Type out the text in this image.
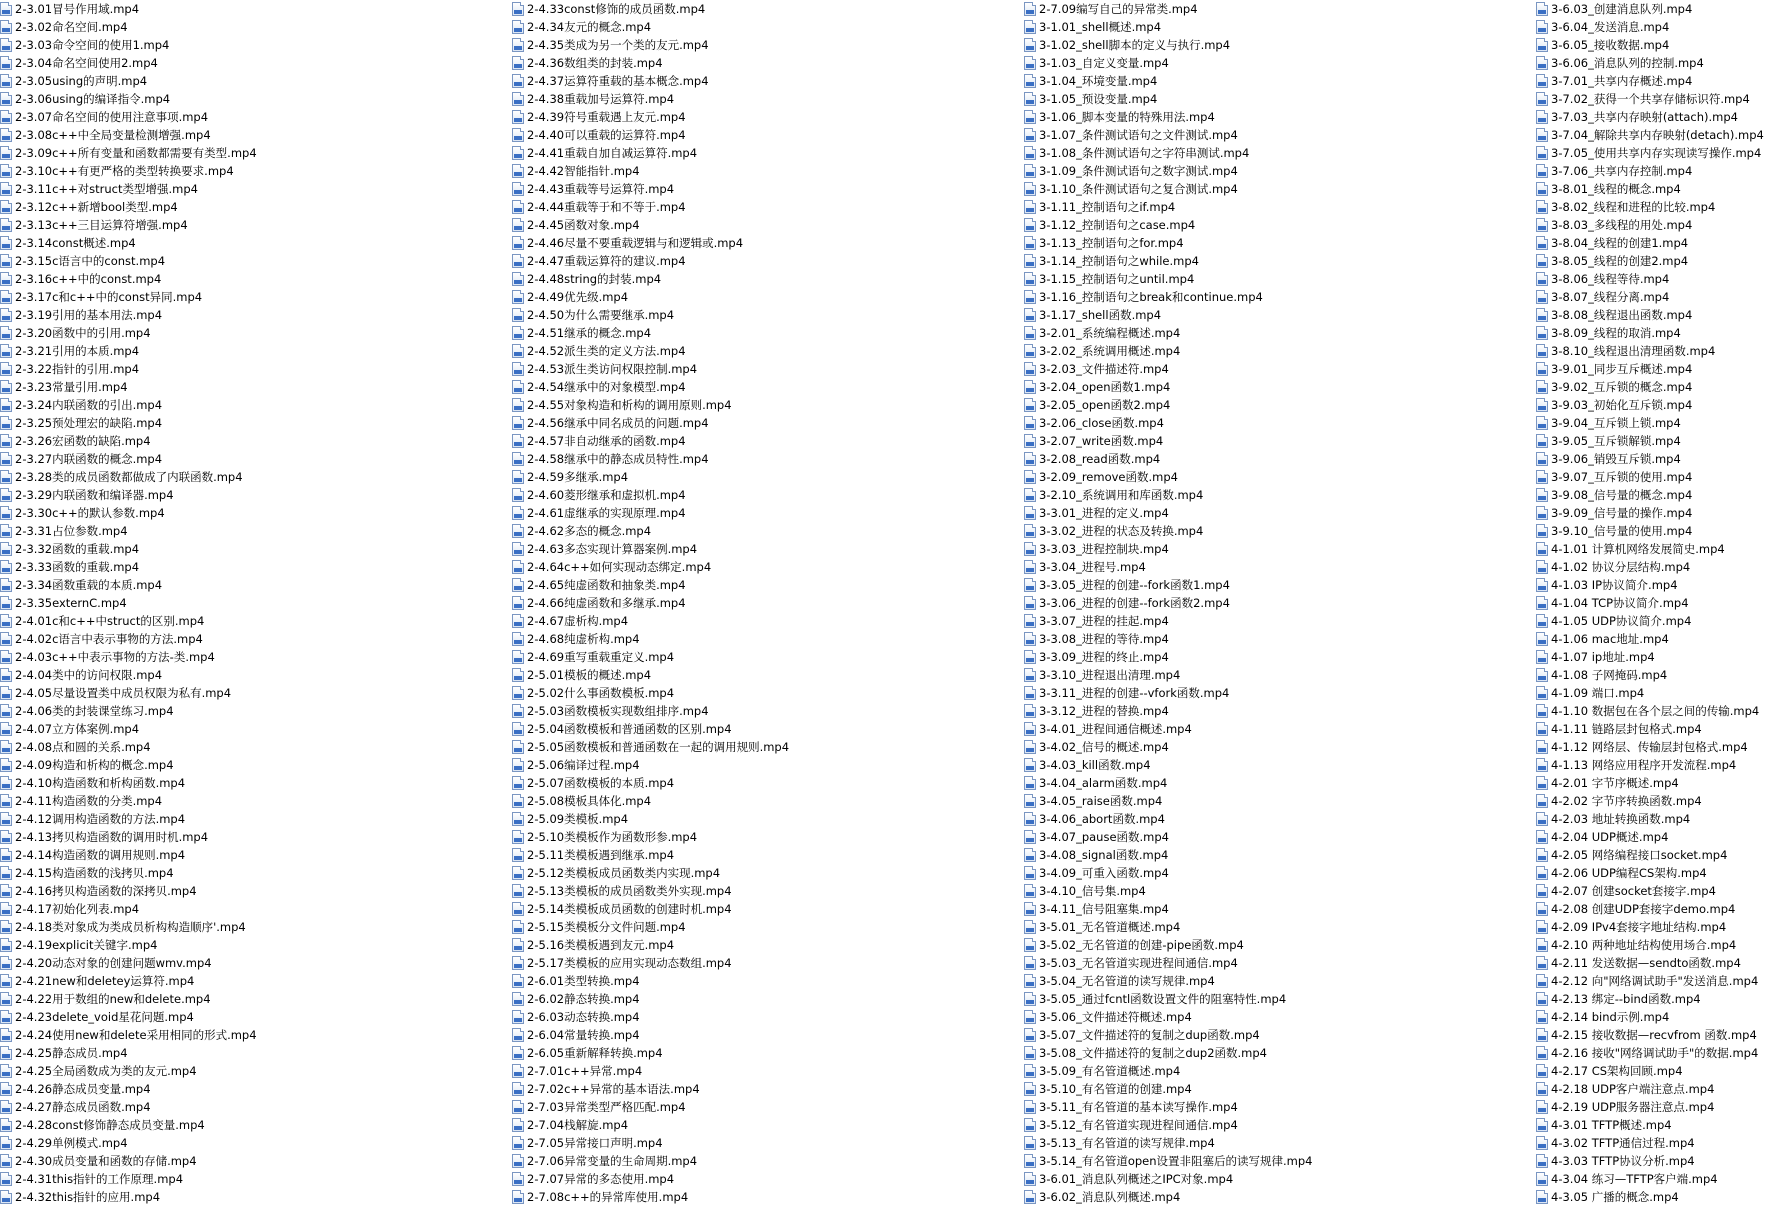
2-3.01冒号作用域.mp4
2-3.02命名空间.mp4
2-3.03命令空间的使用1.mp4
2-3.04命名空间使用2.mp4
2-3.05using的声明.mp4
2-3.06using的编译指令.mp4
2-3.07命名空间的使用注意事项.mp4
2-3.08c++中全局变量检测增强.mp4
2-3.09c++所有变量和函数都需要有类型.mp4
2-3.10c++有更严格的类型转换要求.mp4
2-3.11c++对struct类型增强.mp4
2-3.12c++新增bool类型.mp4
2-3.13c++三目运算符增强.mp4
2-3.14const概述.mp4
2-3.15c语言中的const.mp4
2-3.16c++中的const.mp4
2-3.17c和c++中的const异同.mp4
2-3.19引用的基本用法.mp4
2-3.20函数中的引用.mp4
2-3.21引用的本质.mp4
2-3.22指针的引用.mp4
2-3.23常量引用.mp4
2-3.24内联函数的引出.mp4
2-3.25预处理宏的缺陷.mp4
2-3.26宏函数的缺陷.mp4
2-3.27内联函数的概念.mp4
2-3.28类的成员函数都做成了内联函数.mp4
2-3.29内联函数和编译器.mp4
2-3.30c++的默认参数.mp4
2-3.31占位参数.mp4
2-3.32函数的重载.mp4
2-3.33函数的重载.mp4
2-3.34函数重载的本质.mp4
2-3.35externC.mp4
2-4.01c和c++中struct的区别.mp4
2-4.02c语言中表示事物的方法.mp4
2-4.03c++中表示事物的方法-类.mp4
2-4.04类中的访问权限.mp4
2-4.05尽量设置类中成员权限为私有.mp4
2-4.06类的封装课堂练习.mp4
2-4.07立方体案例.mp4
2-4.08点和圆的关系.mp4
2-4.09构造和析构的概念.mp4
2-4.10构造函数和析构函数.mp4
2-4.11构造函数的分类.mp4
2-4.12调用构造函数的方法.mp4
2-4.13拷贝构造函数的调用时机.mp4
2-4.14构造函数的调用规则.mp4
2-4.15构造函数的浅拷贝.mp4
2-4.16拷贝构造函数的深拷贝.mp4
2-4.17初始化列表.mp4
2-4.18类对象成为类成员析构构造顺序'.mp4
2-4.19explicit关键字.mp4
2-4.20动态对象的创建问题wmv.mp4
2-4.21new和deletey运算符.mp4
2-4.22用于数组的new和delete.mp4
2-4.23delete_void星花问题.mp4
2-4.24使用new和delete采用相同的形式.mp4
2-4.25静态成员.mp4
2-4.25全局函数成为类的友元.mp4
2-4.26静态成员变量.mp4
2-4.27静态成员函数.mp4
2-4.28const修饰静态成员变量.mp4
2-4.29单例模式.mp4
2-4.30成员变量和函数的存储.mp4
2-4.31this指针的工作原理.mp4
2-4.32this指针的应用.mp4
2-4.33const修饰的成员函数.mp4
2-4.34友元的概念.mp4
2-4.35类成为另一个类的友元.mp4
2-4.36数组类的封装.mp4
2-4.37运算符重载的基本概念.mp4
2-4.38重载加号运算符.mp4
2-4.39符号重载遇上友元.mp4
2-4.40可以重载的运算符.mp4
2-4.41重载自加自减运算符.mp4
2-4.42智能指针.mp4
2-4.43重载等号运算符.mp4
2-4.44重载等于和不等于.mp4
2-4.45函数对象.mp4
2-4.46尽量不要重载逻辑与和逻辑或.mp4
2-4.47重载运算符的建议.mp4
2-4.48string的封装.mp4
2-4.49优先级.mp4
2-4.50为什么需要继承.mp4
2-4.51继承的概念.mp4
2-4.52派生类的定义方法.mp4
2-4.53派生类访问权限控制.mp4
2-4.54继承中的对象模型.mp4
2-4.55对象构造和析构的调用原则.mp4
2-4.56继承中同名成员的问题.mp4
2-4.57非自动继承的函数.mp4
2-4.58继承中的静态成员特性.mp4
2-4.59多继承.mp4
2-4.60菱形继承和虚拟机.mp4
2-4.61虚继承的实现原理.mp4
2-4.62多态的概念.mp4
2-4.63多态实现计算器案例.mp4
2-4.64c++如何实现动态绑定.mp4
2-4.65纯虚函数和抽象类.mp4
2-4.66纯虚函数和多继承.mp4
2-4.67虚析构.mp4
2-4.68纯虚析构.mp4
2-4.69重写重载重定义.mp4
2-5.01模板的概述.mp4
2-5.02什么事函数模板.mp4
2-5.03函数模板实现数组排序.mp4
2-5.04函数模板和普通函数的区别.mp4
2-5.05函数模板和普通函数在一起的调用规则.mp4
2-5.06编译过程.mp4
2-5.07函数模板的本质.mp4
2-5.08模板具体化.mp4
2-5.09类模板.mp4
2-5.10类模板作为函数形参.mp4
2-5.11类模板遇到继承.mp4
2-5.12类模板成员函数类内实现.mp4
2-5.13类模板的成员函数类外实现.mp4
2-5.14类模板成员函数的创建时机.mp4
2-5.15类模板分文件问题.mp4
2-5.16类模板遇到友元.mp4
2-5.17类模板的应用实现动态数组.mp4
2-6.01类型转换.mp4
2-6.02静态转换.mp4
2-6.03动态转换.mp4
2-6.04常量转换.mp4
2-6.05重新解释转换.mp4
2-7.01c++异常.mp4
2-7.02c++异常的基本语法.mp4
2-7.03异常类型严格匹配.mp4
2-7.04栈解旋.mp4
2-7.05异常接口声明.mp4
2-7.06异常变量的生命周期.mp4
2-7.07异常的多态使用.mp4
2-7.08c++的异常库使用.mp4
2-7.09编写自己的异常类.mp4
3-1.01_shell概述.mp4
3-1.02_shell脚本的定义与执行.mp4
3-1.03_自定义变量.mp4
3-1.04_环境变量.mp4
3-1.05_预设变量.mp4
3-1.06_脚本变量的特殊用法.mp4
3-1.07_条件测试语句之文件测试.mp4
3-1.08_条件测试语句之字符串测试.mp4
3-1.09_条件测试语句之数字测试.mp4
3-1.10_条件测试语句之复合测试.mp4
3-1.11_控制语句之if.mp4
3-1.12_控制语句之case.mp4
3-1.13_控制语句之for.mp4
3-1.14_控制语句之while.mp4
3-1.15_控制语句之until.mp4
3-1.16_控制语句之break和continue.mp4
3-1.17_shell函数.mp4
3-2.01_系统编程概述.mp4
3-2.02_系统调用概述.mp4
3-2.03_文件描述符.mp4
3-2.04_open函数1.mp4
3-2.05_open函数2.mp4
3-2.06_close函数.mp4
3-2.07_write函数.mp4
3-2.08_read函数.mp4
3-2.09_remove函数.mp4
3-2.10_系统调用和库函数.mp4
3-3.01_进程的定义.mp4
3-3.02_进程的状态及转换.mp4
3-3.03_进程控制块.mp4
3-3.04_进程号.mp4
3-3.05_进程的创建--fork函数1.mp4
3-3.06_进程的创建--fork函数2.mp4
3-3.07_进程的挂起.mp4
3-3.08_进程的等待.mp4
3-3.09_进程的终止.mp4
3-3.10_进程退出清理.mp4
3-3.11_进程的创建--vfork函数.mp4
3-3.12_进程的替换.mp4
3-4.01_进程间通信概述.mp4
3-4.02_信号的概述.mp4
3-4.03_kill函数.mp4
3-4.04_alarm函数.mp4
3-4.05_raise函数.mp4
3-4.06_abort函数.mp4
3-4.07_pause函数.mp4
3-4.08_signal函数.mp4
3-4.09_可重入函数.mp4
3-4.10_信号集.mp4
3-4.11_信号阻塞集.mp4
3-5.01_无名管道概述.mp4
3-5.02_无名管道的创建-pipe函数.mp4
3-5.03_无名管道实现进程间通信.mp4
3-5.04_无名管道的读写规律.mp4
3-5.05_通过fcntl函数设置文件的阻塞特性.mp4
3-5.06_文件描述符概述.mp4
3-5.07_文件描述符的复制之dup函数.mp4
3-5.08_文件描述符的复制之dup2函数.mp4
3-5.09_有名管道概述.mp4
3-5.10_有名管道的创建.mp4
3-5.11_有名管道的基本读写操作.mp4
3-5.12_有名管道实现进程间通信.mp4
3-5.13_有名管道的读写规律.mp4
3-5.14_有名管道open设置非阻塞后的读写规律.mp4
3-6.01_消息队列概述之IPC对象.mp4
3-6.02_消息队列概述.mp4
3-6.03_创建消息队列.mp4
3-6.04_发送消息.mp4
3-6.05_接收数据.mp4
3-6.06_消息队列的控制.mp4
3-7.01_共享内存概述.mp4
3-7.02_获得一个共享存储标识符.mp4
3-7.03_共享内存映射(attach).mp4
3-7.04_解除共享内存映射(detach).mp4
3-7.05_使用共享内存实现读写操作.mp4
3-7.06_共享内存控制.mp4
3-8.01_线程的概念.mp4
3-8.02_线程和进程的比较.mp4
3-8.03_多线程的用处.mp4
3-8.04_线程的创建1.mp4
3-8.05_线程的创建2.mp4
3-8.06_线程等待.mp4
3-8.07_线程分离.mp4
3-8.08_线程退出函数.mp4
3-8.09_线程的取消.mp4
3-8.10_线程退出清理函数.mp4
3-9.01_同步互斥概述.mp4
3-9.02_互斥锁的概念.mp4
3-9.03_初始化互斥锁.mp4
3-9.04_互斥锁上锁.mp4
3-9.05_互斥锁解锁.mp4
3-9.06_销毁互斥锁.mp4
3-9.07_互斥锁的使用.mp4
3-9.08_信号量的概念.mp4
3-9.09_信号量的操作.mp4
3-9.10_信号量的使用.mp4
4-1.01 计算机网络发展简史.mp4
4-1.02 协议分层结构.mp4
4-1.03 IP协议简介.mp4
4-1.04 TCP协议简介.mp4
4-1.05 UDP协议简介.mp4
4-1.06 mac地址.mp4
4-1.07 ip地址.mp4
4-1.08 子网掩码.mp4
4-1.09 端口.mp4
4-1.10 数据包在各个层之间的传输.mp4
4-1.11 链路层封包格式.mp4
4-1.12 网络层、传输层封包格式.mp4
4-1.13 网络应用程序开发流程.mp4
4-2.01 字节序概述.mp4
4-2.02 字节序转换函数.mp4
4-2.03 地址转换函数.mp4
4-2.04 UDP概述.mp4
4-2.05 网络编程接口socket.mp4
4-2.06 UDP编程CS架构.mp4
4-2.07 创建socket套接字.mp4
4-2.08 创建UDP套接字demo.mp4
4-2.09 IPv4套接字地址结构.mp4
4-2.10 两种地址结构使用场合.mp4
4-2.11 发送数据—sendto函数.mp4
4-2.12 向"网络调试助手"发送消息.mp4
4-2.13 绑定--bind函数.mp4
4-2.14 bind示例.mp4
4-2.15 接收数据—recvfrom 函数.mp4
4-2.16 接收"网络调试助手"的数据.mp4
4-2.17 CS架构回顾.mp4
4-2.18 UDP客户端注意点.mp4
4-2.19 UDP服务器注意点.mp4
4-3.01 TFTP概述.mp4
4-3.02 TFTP通信过程.mp4
4-3.03 TFTP协议分析.mp4
4-3.04 练习—TFTP客户端.mp4
4-3.05 广播的概念.mp4
